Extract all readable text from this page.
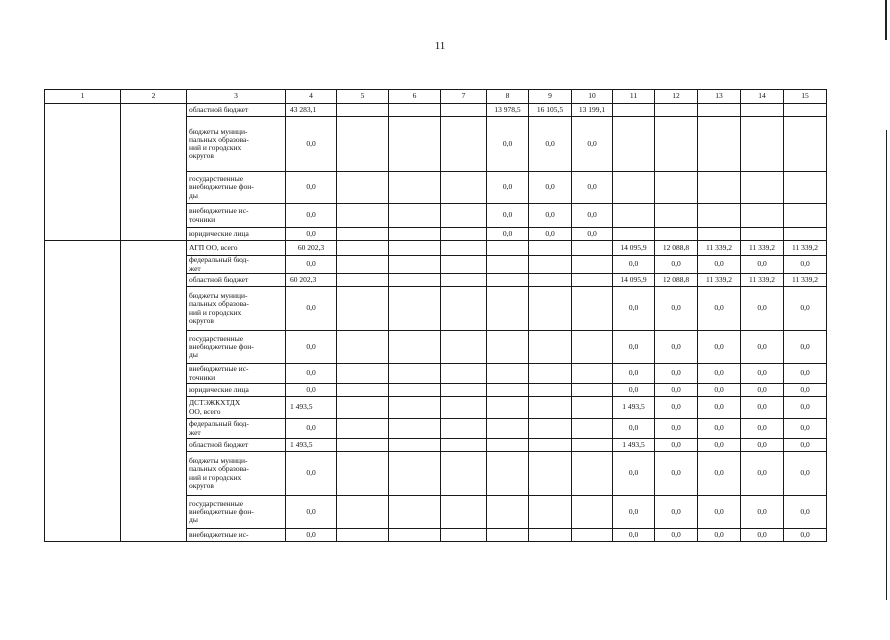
11
1	2	3	4	5	6	7	8	9	10	11	12	13	14	15
		областной бюджет	43 283,1				13 978,5	16 105,5	13 199,1					
		бюджеты муници-
пальных образова-
ний и городских
округов	0,0				0,0	0,0	0,0					
		государственные
внебюджетные фон-
ды	0,0				0,0	0,0	0,0					
		внебюджетные ис-
точники	0,0				0,0	0,0	0,0					
		юридические лица	0,0				0,0	0,0	0,0					
		АГП ОО, всего	60 202,3							14 095,9	12 088,8	11 339,2	11 339,2	11 339,2
		федеральный бюд-
жет	0,0							0,0	0,0	0,0	0,0	0,0
		областной бюджет	60 202,3							14 095,9	12 088,8	11 339,2	11 339,2	11 339,2
		бюджеты муници-
пальных образова-
ний и городских
округов	0,0							0,0	0,0	0,0	0,0	0,0
		государственные
внебюджетные фон-
ды	0,0							0,0	0,0	0,0	0,0	0,0
		внебюджетные ис-
точники	0,0							0,0	0,0	0,0	0,0	0,0
		юридические лица	0,0							0,0	0,0	0,0	0,0	0,0
		ДСТЭЖКХТДХ
ОО, всего	1 493,5							1 493,5	0,0	0,0	0,0	0,0
		федеральный бюд-
жет	0,0							0,0	0,0	0,0	0,0	0,0
		областной бюджет	1 493,5							1 493,5	0,0	0,0	0,0	0,0
		бюджеты муници-
пальных образова-
ний и городских
округов	0,0							0,0	0,0	0,0	0,0	0,0
		государственные
внебюджетные фон-
ды	0,0							0,0	0,0	0,0	0,0	0,0
		внебюджетные ис-	0,0							0,0	0,0	0,0	0,0	0,0
